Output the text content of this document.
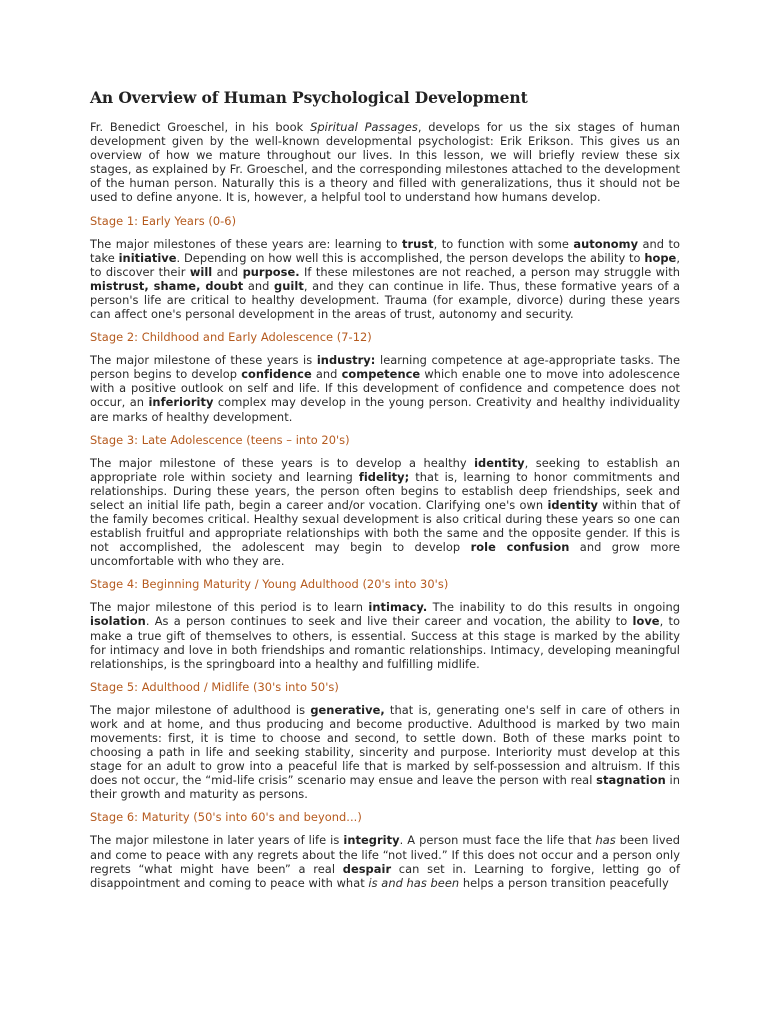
An Overview of Human Psychological Development

Fr. Benedict Groeschel, in his book Spiritual Passages, develops for us the six stages of human development given by the well-known developmental psychologist: Erik Erikson. This gives us an overview of how we mature throughout our lives. In this lesson, we will briefly review these six stages, as explained by Fr. Groeschel, and the corresponding milestones attached to the development of the human person. Naturally this is a theory and filled with generalizations, thus it should not be used to define anyone. It is, however, a helpful tool to understand how humans develop.

Stage 1: Early Years (0-6)

The major milestones of these years are: learning to trust, to function with some autonomy and to take initiative. Depending on how well this is accomplished, the person develops the ability to hope, to discover their will and purpose. If these milestones are not reached, a person may struggle with mistrust, shame, doubt and guilt, and they can continue in life. Thus, these formative years of a person's life are critical to healthy development. Trauma (for example, divorce) during these years can affect one's personal development in the areas of trust, autonomy and security.

Stage 2: Childhood and Early Adolescence (7-12)

The major milestone of these years is industry: learning competence at age-appropriate tasks. The person begins to develop confidence and competence which enable one to move into adolescence with a positive outlook on self and life. If this development of confidence and competence does not occur, an inferiority complex may develop in the young person. Creativity and healthy individuality are marks of healthy development.

Stage 3: Late Adolescence (teens – into 20's)

The major milestone of these years is to develop a healthy identity, seeking to establish an appropriate role within society and learning fidelity; that is, learning to honor commitments and relationships. During these years, the person often begins to establish deep friendships, seek and select an initial life path, begin a career and/or vocation. Clarifying one's own identity within that of the family becomes critical. Healthy sexual development is also critical during these years so one can establish fruitful and appropriate relationships with both the same and the opposite gender. If this is not accomplished, the adolescent may begin to develop role confusion and grow more uncomfortable with who they are.

Stage 4: Beginning Maturity / Young Adulthood (20's into 30's)

The major milestone of this period is to learn intimacy. The inability to do this results in ongoing isolation. As a person continues to seek and live their career and vocation, the ability to love, to make a true gift of themselves to others, is essential. Success at this stage is marked by the ability for intimacy and love in both friendships and romantic relationships. Intimacy, developing meaningful relationships, is the springboard into a healthy and fulfilling midlife.

Stage 5: Adulthood / Midlife (30's into 50's)

The major milestone of adulthood is generative, that is, generating one's self in care of others in work and at home, and thus producing and become productive. Adulthood is marked by two main movements: first, it is time to choose and second, to settle down. Both of these marks point to choosing a path in life and seeking stability, sincerity and purpose. Interiority must develop at this stage for an adult to grow into a peaceful life that is marked by self-possession and altruism. If this does not occur, the “mid-life crisis” scenario may ensue and leave the person with real stagnation in their growth and maturity as persons.

Stage 6: Maturity (50's into 60's and beyond...)

The major milestone in later years of life is integrity. A person must face the life that has been lived and come to peace with any regrets about the life “not lived.” If this does not occur and a person only regrets “what might have been” a real despair can set in. Learning to forgive, letting go of disappointment and coming to peace with what is and has been helps a person transition peacefully
